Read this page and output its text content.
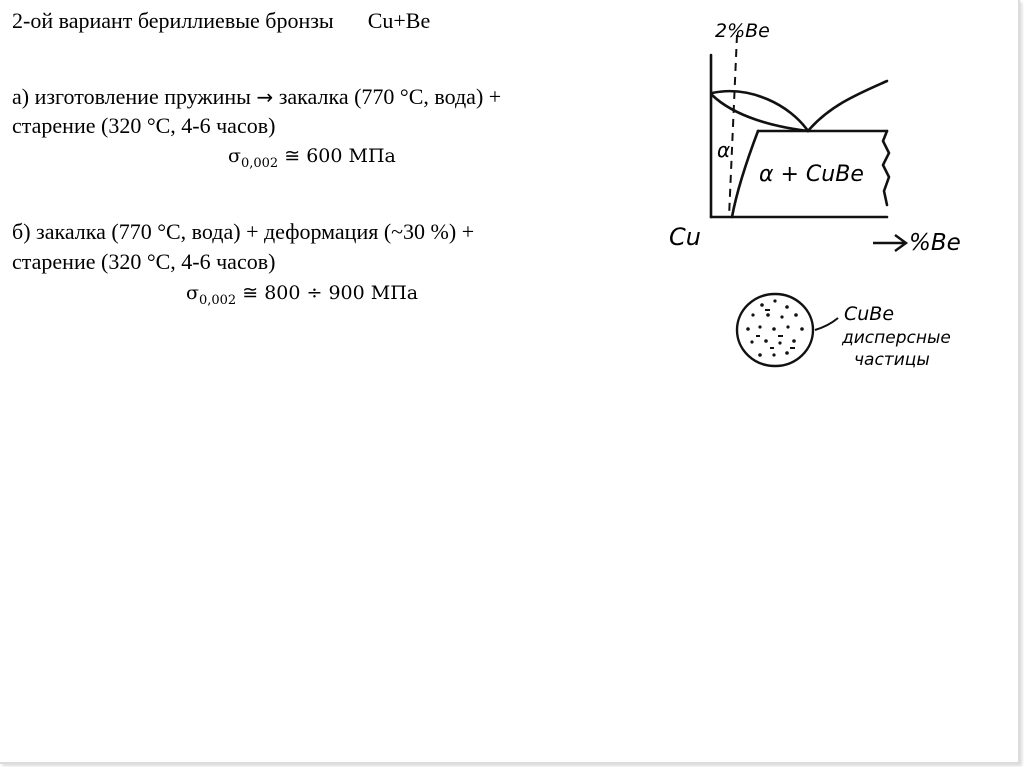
2-ой вариант бериллиевые бронзы Cu+Be
а) изготовление пружины → закалка (770 °С, вода) +
старение (320 °С, 4-6 часов)
$\sigma_{0,002}$ ≅ 600 МПа
б) закалка (770 °С, вода) + деформация (~30 %) +
старение (320 °С, 4-6 часов)
$\sigma_{0,002}$ ≅ 800 ÷ 900 МПа
2%Be
α
α + CuBe
Cu	%Be
CuBe
дисперсные
частицы
